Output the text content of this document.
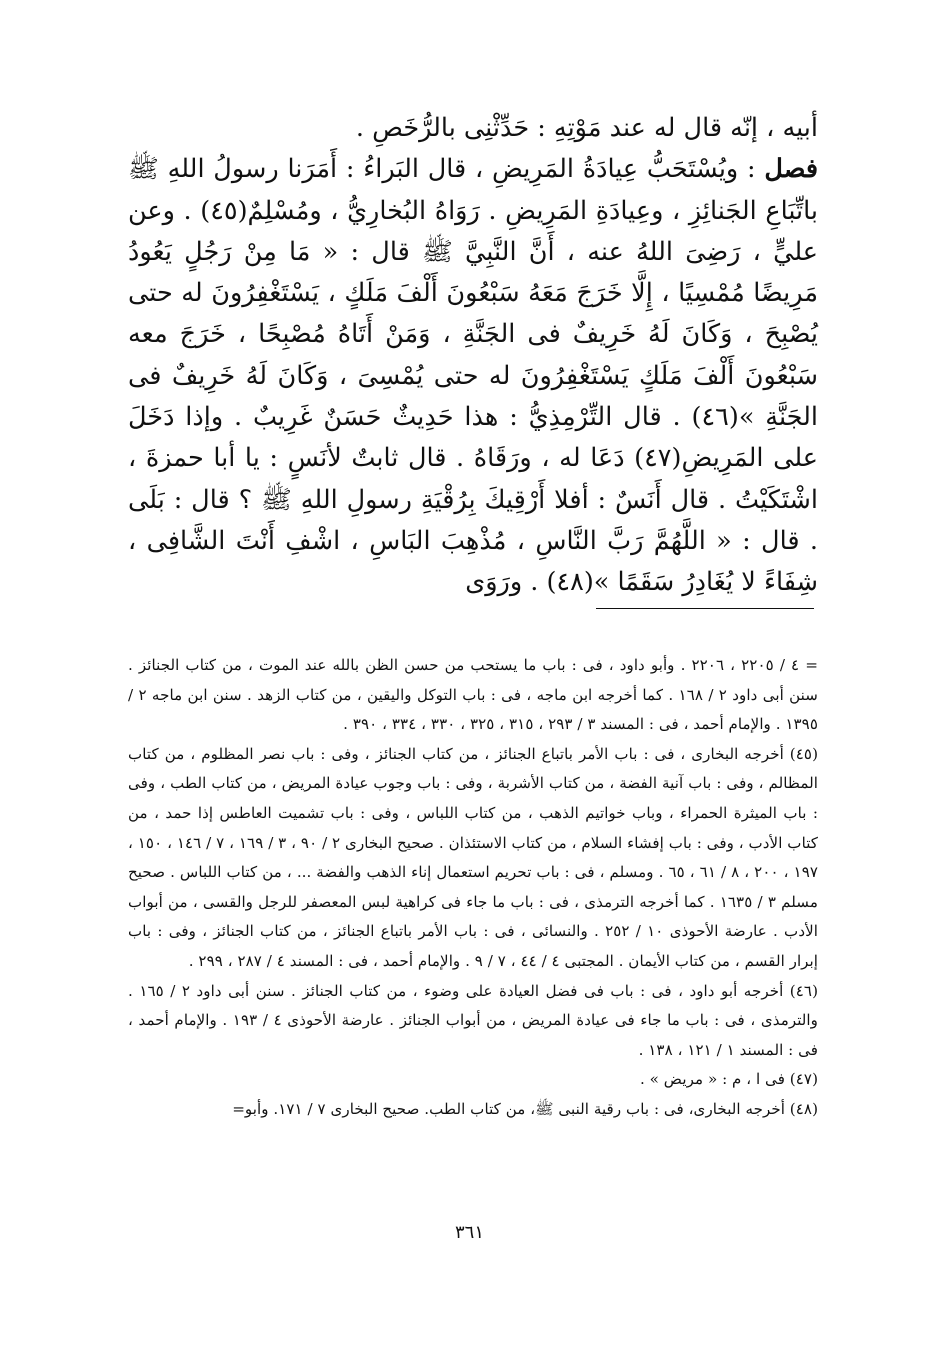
أبيه ، إنّه قال له عند مَوْتِهِ : حَدِّثْنِى بالرُّخَصِ .

فصل : ويُسْتَحَبُّ عِيادَةُ المَرِيضِ ، قال البَراءُ : أَمَرَنا رسولُ اللهِ ﷺ باتِّبَاعِ الجَنائِزِ ، وعِيادَةِ المَرِيضِ . رَوَاهُ البُخارِيُّ ، ومُسْلِمٌ(٤٥) . وعن عليٍّ ، رَضِىَ اللهُ عنه ، أَنَّ النَّبِيَّ ﷺ قال : « مَا مِنْ رَجُلٍ يَعُودُ مَرِيضًا مُمْسِيًا ، إِلَّا خَرَجَ مَعَهُ سَبْعُونَ أَلْفَ مَلَكٍ ، يَسْتَغْفِرُونَ له حتى يُصْبِحَ ، وَكَانَ لَهُ خَرِيفٌ فى الجَنَّةِ ، وَمَنْ أَتَاهُ مُصْبِحًا ، خَرَجَ معه سَبْعُونَ أَلْفَ مَلَكٍ يَسْتَغْفِرُونَ له حتى يُمْسِىَ ، وَكَانَ لَهُ خَرِيفٌ فى الجَنَّةِ »(٤٦) . قال التِّرْمِذِيُّ : هذا حَدِيثٌ حَسَنٌ غَرِيبٌ . وإذا دَخَلَ على المَرِيضِ(٤٧) دَعَا له ، ورَقَاهُ . قال ثابتٌ لأنَسٍ : يا أبا حمزةَ ، اشْتَكَيْتُ . قال أَنَسٌ : أفلا أَرْقِيكَ بِرُقْيَةِ رسولِ اللهِ ﷺ ؟ قال : بَلَى . قال : « اللَّهُمَّ رَبَّ النَّاسِ ، مُذْهِبَ البَاسِ ، اشْفِ أَنْتَ الشَّافِى ، شِفَاءً لا يُغَادِرُ سَقَمًا »(٤٨) . ورَوَى

= ٤ / ٢٢٠٥ ، ٢٢٠٦ . وأبو داود ، فى : باب ما يستحب من حسن الظن بالله عند الموت ، من كتاب الجنائز . سنن أبى داود ٢ / ١٦٨ . كما أخرجه ابن ماجه ، فى : باب التوكل واليقين ، من كتاب الزهد . سنن ابن ماجه ٢ / ١٣٩٥ . والإمام أحمد ، فى : المسند ٣ / ٢٩٣ ، ٣١٥ ، ٣٢٥ ، ٣٣٠ ، ٣٣٤ ، ٣٩٠ .

(٤٥) أخرجه البخارى ، فى : باب الأمر باتباع الجنائز ، من كتاب الجنائز ، وفى : باب نصر المظلوم ، من كتاب المظالم ، وفى : باب آنية الفضة ، من كتاب الأشربة ، وفى : باب وجوب عيادة المريض ، من كتاب الطب ، وفى : باب الميثرة الحمراء ، وباب خواتيم الذهب ، من كتاب اللباس ، وفى : باب تشميت العاطس إذا حمد ، من كتاب الأدب ، وفى : باب إفشاء السلام ، من كتاب الاستئذان . صحيح البخارى ٢ / ٩٠ ، ٣ / ١٦٩ ، ٧ / ١٤٦ ، ١٥٠ ، ١٩٧ ، ٢٠٠ ، ٨ / ٦١ ، ٦٥ . ومسلم ، فى : باب تحريم استعمال إناء الذهب والفضة ... ، من كتاب اللباس . صحيح مسلم ٣ / ١٦٣٥ . كما أخرجه الترمذى ، فى : باب ما جاء فى كراهية لبس المعصفر للرجل والقسى ، من أبواب الأدب . عارضة الأحوذى ١٠ / ٢٥٢ . والنسائى ، فى : باب الأمر باتباع الجنائز ، من كتاب الجنائز ، وفى : باب إبرار القسم ، من كتاب الأيمان . المجتبى ٤ / ٤٤ ، ٧ / ٩ . والإمام أحمد ، فى : المسند ٤ / ٢٨٧ ، ٢٩٩ .

(٤٦) أخرجه أبو داود ، فى : باب فى فضل العيادة على وضوء ، من كتاب الجنائز . سنن أبى داود ٢ / ١٦٥ . والترمذى ، فى : باب ما جاء فى عيادة المريض ، من أبواب الجنائز . عارضة الأحوذى ٤ / ١٩٣ . والإمام أحمد ، فى : المسند ١ / ١٢١ ، ١٣٨ .

(٤٧) فى ا ، م : « مريض » .

(٤٨) أخرجه البخارى، فى : باب رقية النبى ﷺ، من كتاب الطب. صحيح البخارى ٧ / ١٧١. وأبو=

٣٦١
